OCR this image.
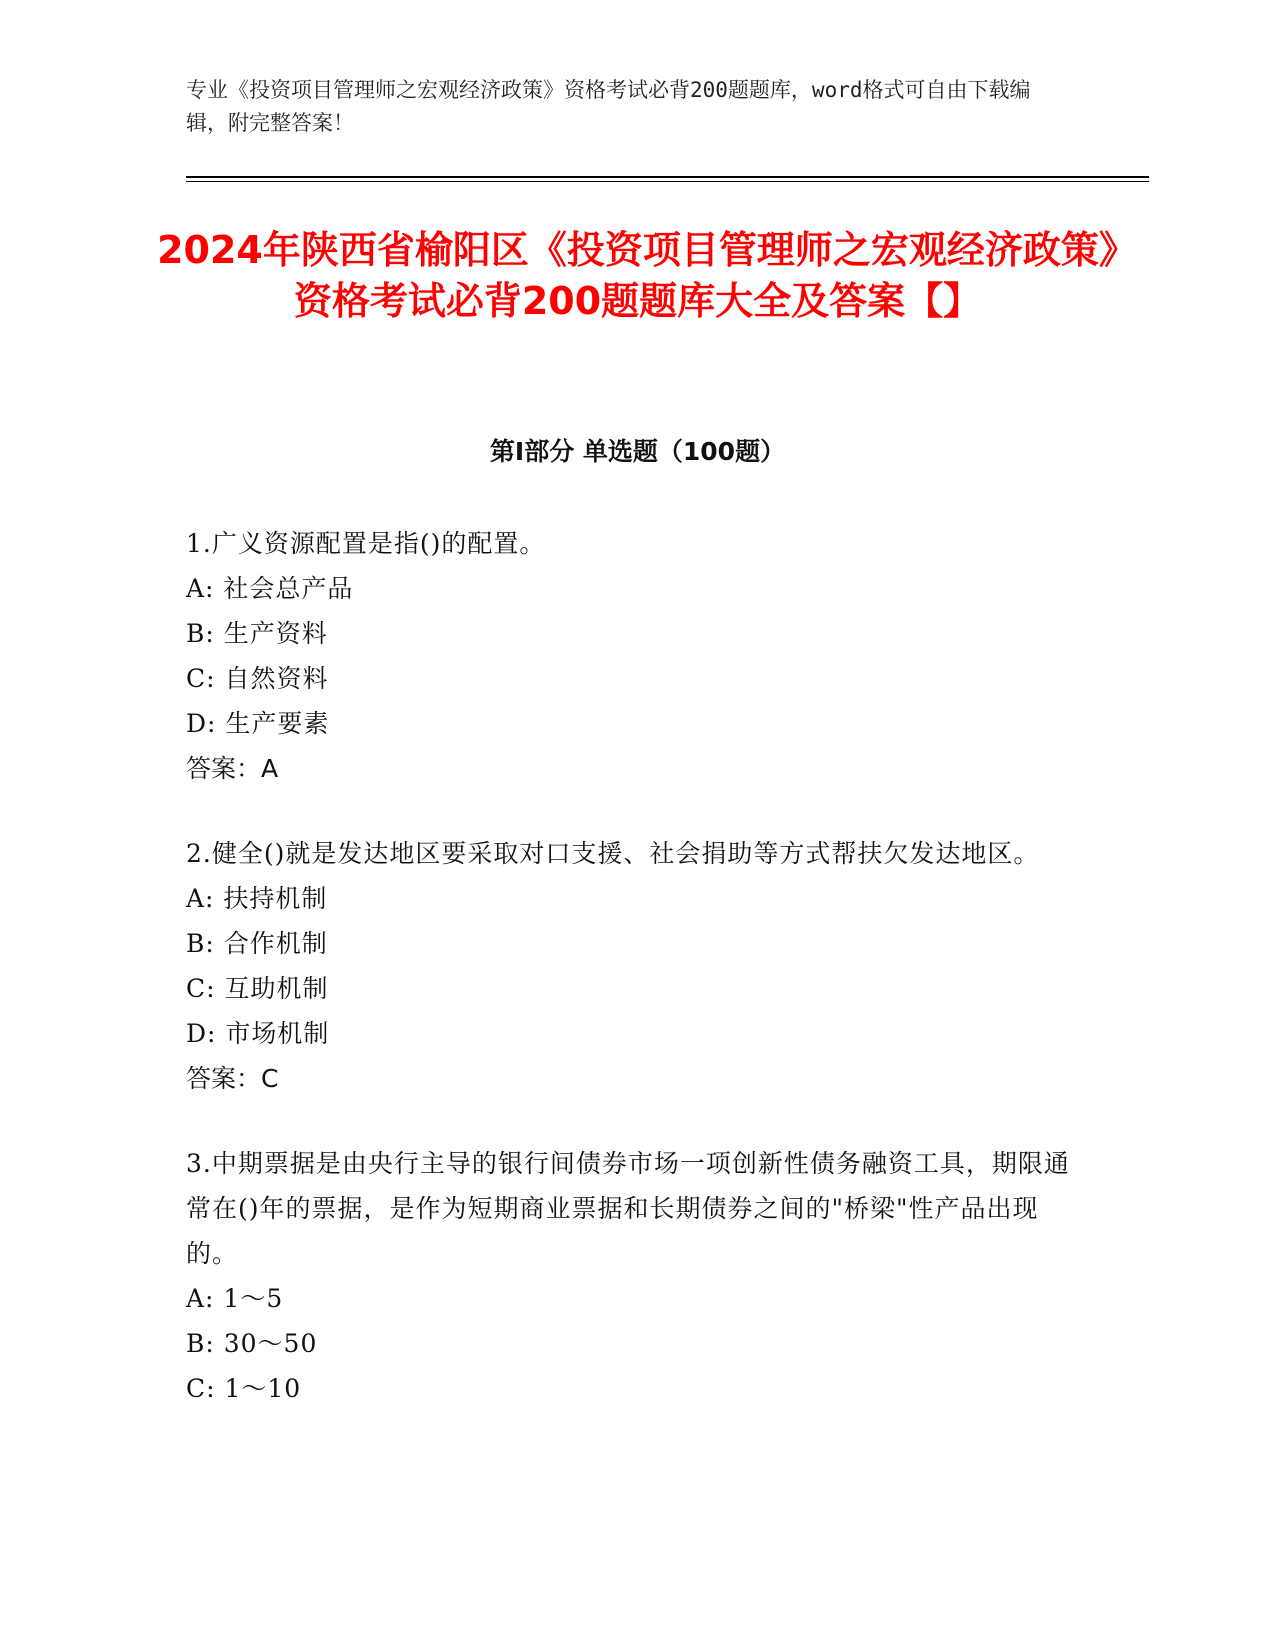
专业《投资项目管理师之宏观经济政策》资格考试必背200题题库，word格式可自由下载编辑，附完整答案！
2024年陕西省榆阳区《投资项目管理师之宏观经济政策》资格考试必背200题题库大全及答案【】
第I部分 单选题（100题）
1.广义资源配置是指()的配置。
A: 社会总产品
B: 生产资料
C: 自然资料
D: 生产要素
答案：A
2.健全()就是发达地区要采取对口支援、社会捐助等方式帮扶欠发达地区。
A: 扶持机制
B: 合作机制
C: 互助机制
D: 市场机制
答案：C
3.中期票据是由央行主导的银行间债券市场一项创新性债务融资工具，期限通常在()年的票据，是作为短期商业票据和长期债券之间的"桥梁"性产品出现的。
A: 1～5
B: 30～50
C: 1～10
